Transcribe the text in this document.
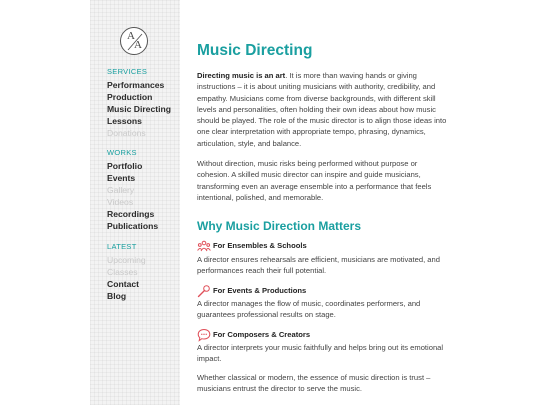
A
A
SERVICES
Performances
Production
Music Directing
Lessons
Donations
WORKS
Portfolio
Events
Gallery
Videos
Recordings
Publications
LATEST
Upcoming
Classes
Contact
Blog
Music Directing

Directing music is an art. It is more than waving hands or giving instructions – it is about uniting musicians with authority, credibility, and empathy. Musicians come from diverse backgrounds, with different skill levels and personalities, often holding their own ideas about how music should be played. The role of the music director is to align those ideas into one clear interpretation with appropriate tempo, phrasing, dynamics, articulation, style, and balance.

Without direction, music risks being performed without purpose or cohesion. A skilled music director can inspire and guide musicians, transforming even an average ensemble into a performance that feels intentional, polished, and memorable.

Why Music Direction Matters
For Ensembles & Schools

A director ensures rehearsals are efficient, musicians are motivated, and performances reach their full potential.

For Events & Productions

A director manages the flow of music, coordinates performers, and guarantees professional results on stage.

For Composers & Creators

A director interprets your music faithfully and helps bring out its emotional impact.

Whether classical or modern, the essence of music direction is trust – musicians entrust the director to serve the music.
